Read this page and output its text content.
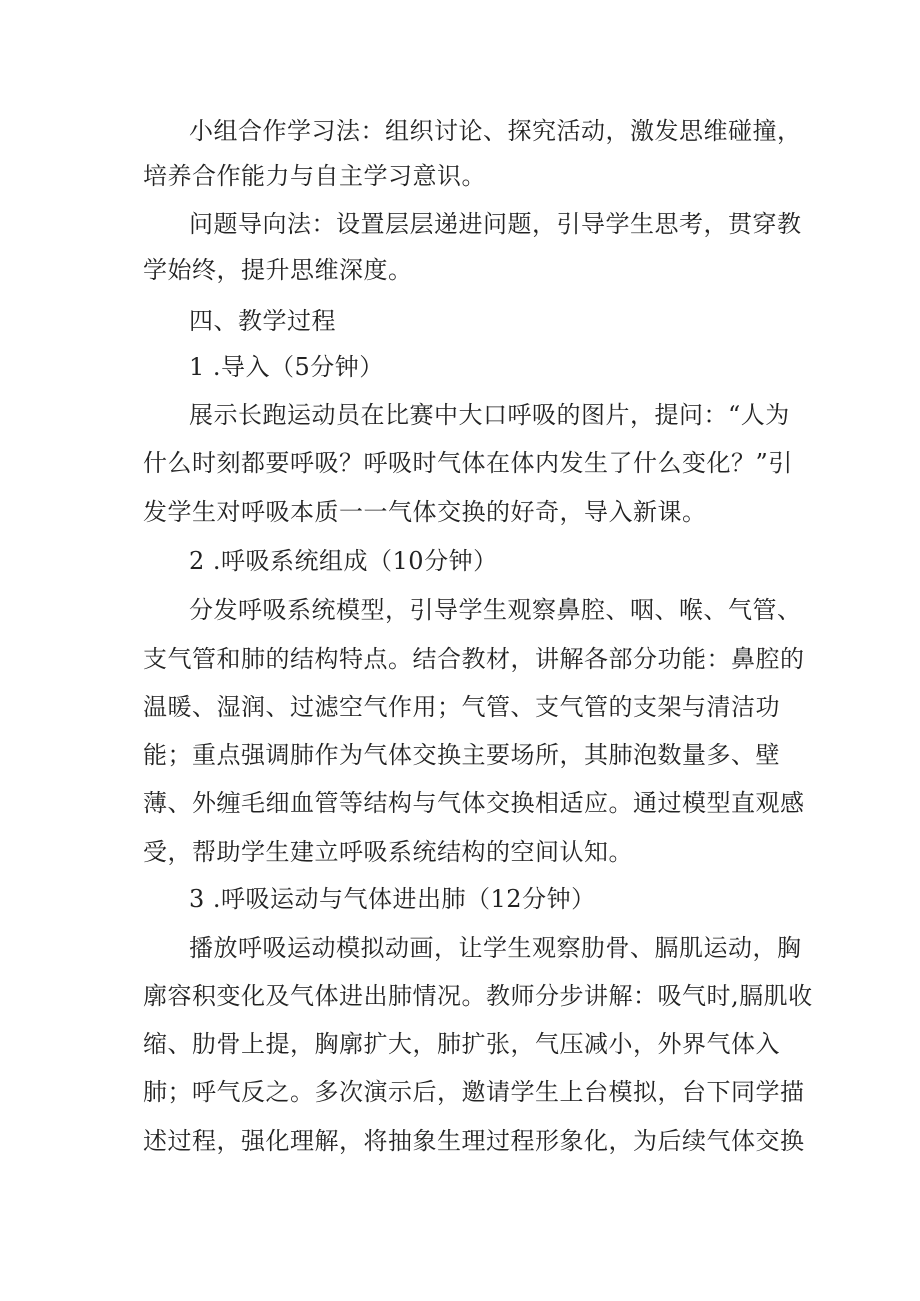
小组合作学习法：组织讨论、探究活动，激发思维碰撞，
培养合作能力与自主学习意识。
问题导向法：设置层层递进问题，引导学生思考，贯穿教
学始终，提升思维深度。
四、教学过程
1 .导入（5分钟）
展示长跑运动员在比赛中大口呼吸的图片，提问：“人为
什么时刻都要呼吸？呼吸时气体在体内发生了什么变化？”引
发学生对呼吸本质一一气体交换的好奇，导入新课。
2 .呼吸系统组成（10分钟）
分发呼吸系统模型，引导学生观察鼻腔、咽、喉、气管、
支气管和肺的结构特点。结合教材，讲解各部分功能：鼻腔的
温暖、湿润、过滤空气作用；气管、支气管的支架与清洁功
能；重点强调肺作为气体交换主要场所，其肺泡数量多、壁
薄、外缠毛细血管等结构与气体交换相适应。通过模型直观感
受，帮助学生建立呼吸系统结构的空间认知。
3 .呼吸运动与气体进出肺（12分钟）
播放呼吸运动模拟动画，让学生观察肋骨、膈肌运动，胸
廓容积变化及气体进出肺情况。教师分步讲解：吸气时,膈肌收
缩、肋骨上提，胸廓扩大，肺扩张，气压减小，外界气体入
肺；呼气反之。多次演示后，邀请学生上台模拟，台下同学描
述过程，强化理解，将抽象生理过程形象化，为后续气体交换
